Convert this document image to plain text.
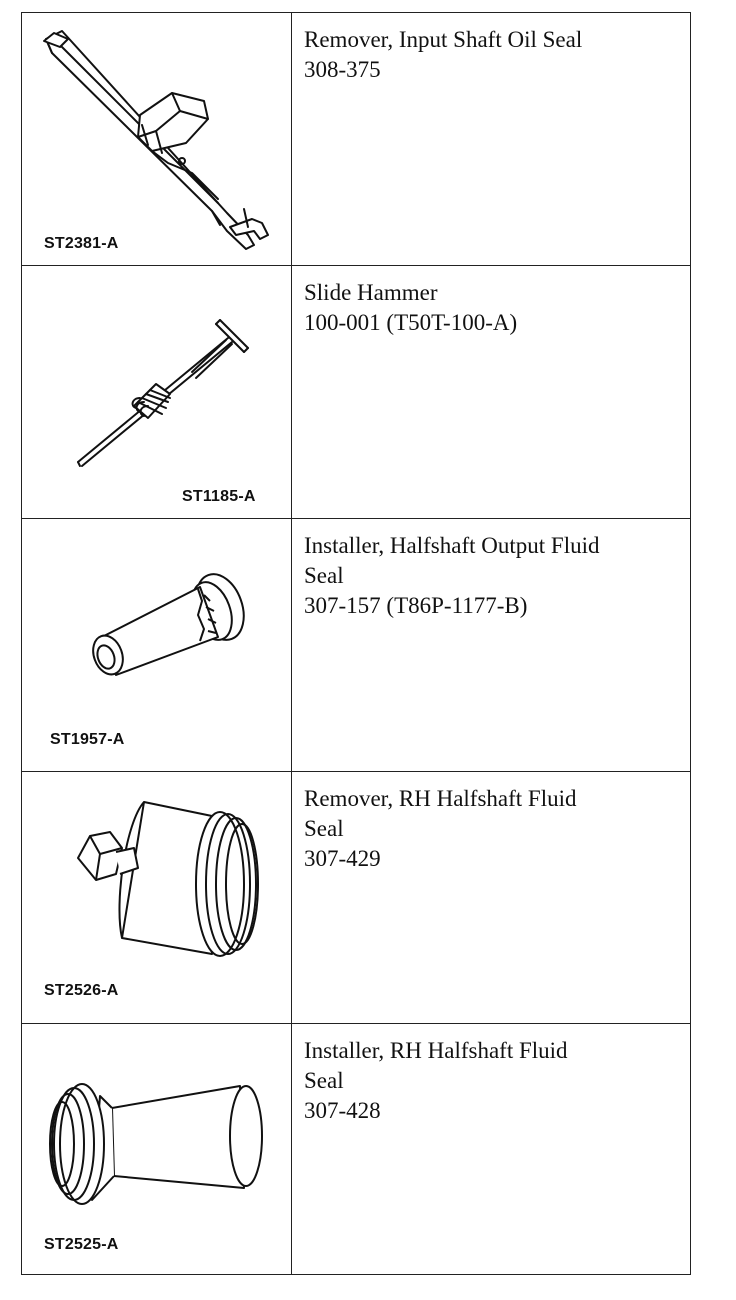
ST2381-A	Remover, Input Shaft Oil Seal
308-375

ST1185-A	Slide Hammer
100-001 (T50T-100-A)

ST1957-A	Installer, Halfshaft Output Fluid
Seal
307-157 (T86P-1177-B)

ST2526-A	Remover, RH Halfshaft Fluid
Seal
307-429

ST2525-A	Installer, RH Halfshaft Fluid
Seal
307-428
